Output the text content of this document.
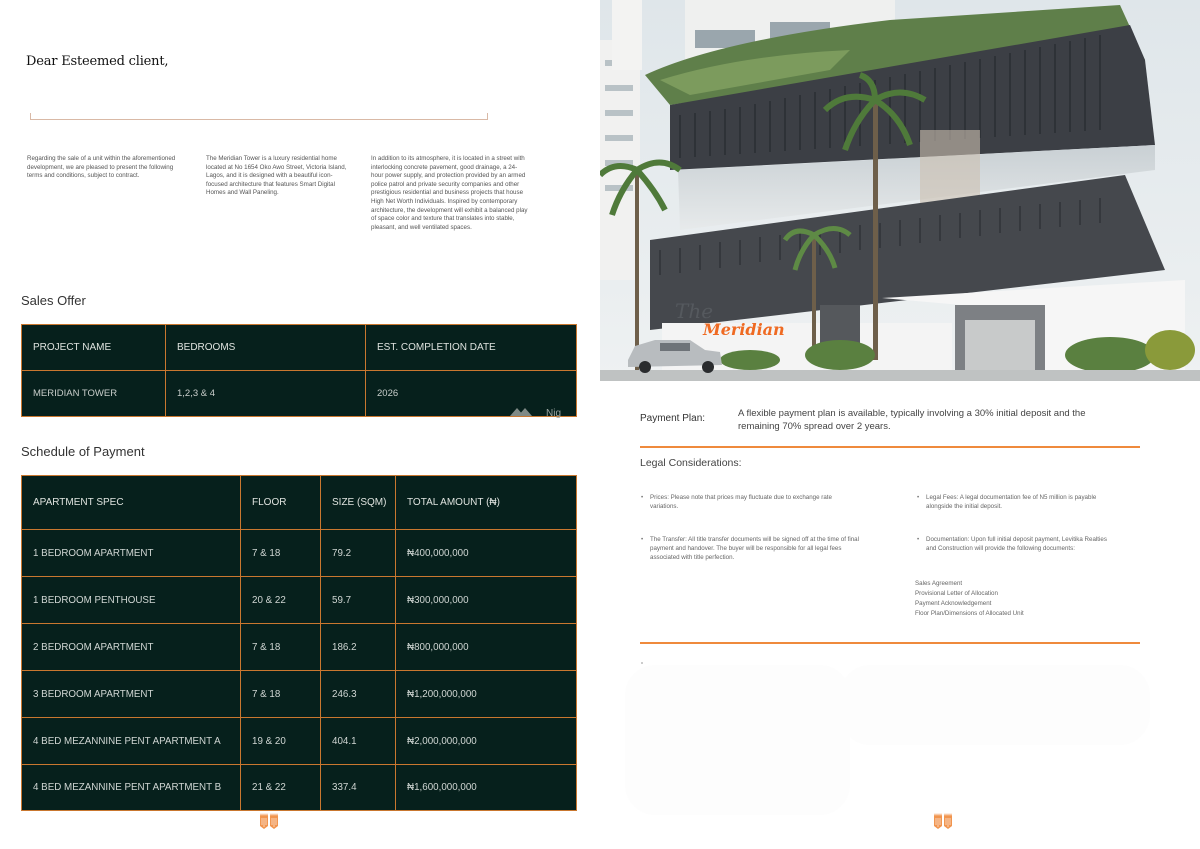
Dear Esteemed client,

Regarding the sale of a unit within the aforementioned development, we are pleased to present the following terms and conditions, subject to contract.

The Meridian Tower is a luxury residential home located at No 1654 Oko Awo Street, Victoria Island, Lagos, and it is designed with a beautiful icon-focused architecture that features Smart Digital Homes and Wall Paneling.

In addition to its atmosphere, it is located in a street with interlocking concrete pavement, good drainage, a 24-hour power supply, and protection provided by an armed police patrol and private security companies and other prestigious residential and business projects that house High Net Worth Individuals. Inspired by contemporary architecture, the development will exhibit a balanced play of space color and texture that translates into stable, pleasant, and well ventilated spaces.

Sales Offer
PROJECT NAME	BEDROOMS	EST. COMPLETION DATE
MERIDIAN TOWER	1,2,3 & 4	2026
Nig
Schedule of Payment
APARTMENT SPEC	FLOOR	SIZE (SQM)	TOTAL AMOUNT (₦)
1 BEDROOM APARTMENT	7 & 18	79.2	₦400,000,000
1 BEDROOM PENTHOUSE	20 & 22	59.7	₦300,000,000
2 BEDROOM APARTMENT	7 & 18	186.2	₦800,000,000
3 BEDROOM APARTMENT	7 & 18	246.3	₦1,200,000,000
4 BED MEZANNINE PENT APARTMENT A	19 & 20	404.1	₦2,000,000,000
4 BED MEZANNINE PENT APARTMENT B	21 & 22	337.4	₦1,600,000,000
The
Meridian
Payment Plan:	A flexible payment plan is available, typically involving a 30% initial deposit and the remaining 70% spread over 2 years.
Legal Considerations:
• Prices: Please note that prices may fluctuate due to exchange rate variations.
• The Transfer: All title transfer documents will be signed off at the time of final payment and handover. The buyer will be responsible for all legal fees associated with title perfection.
• Legal Fees: A legal documentation fee of N5 million is payable alongside the initial deposit.
• Documentation: Upon full initial deposit payment, Levitika Realties and Construction will provide the following documents:
Sales Agreement
Provisional Letter of Allocation
Payment Acknowledgement
Floor Plan/Dimensions of Allocated Unit
